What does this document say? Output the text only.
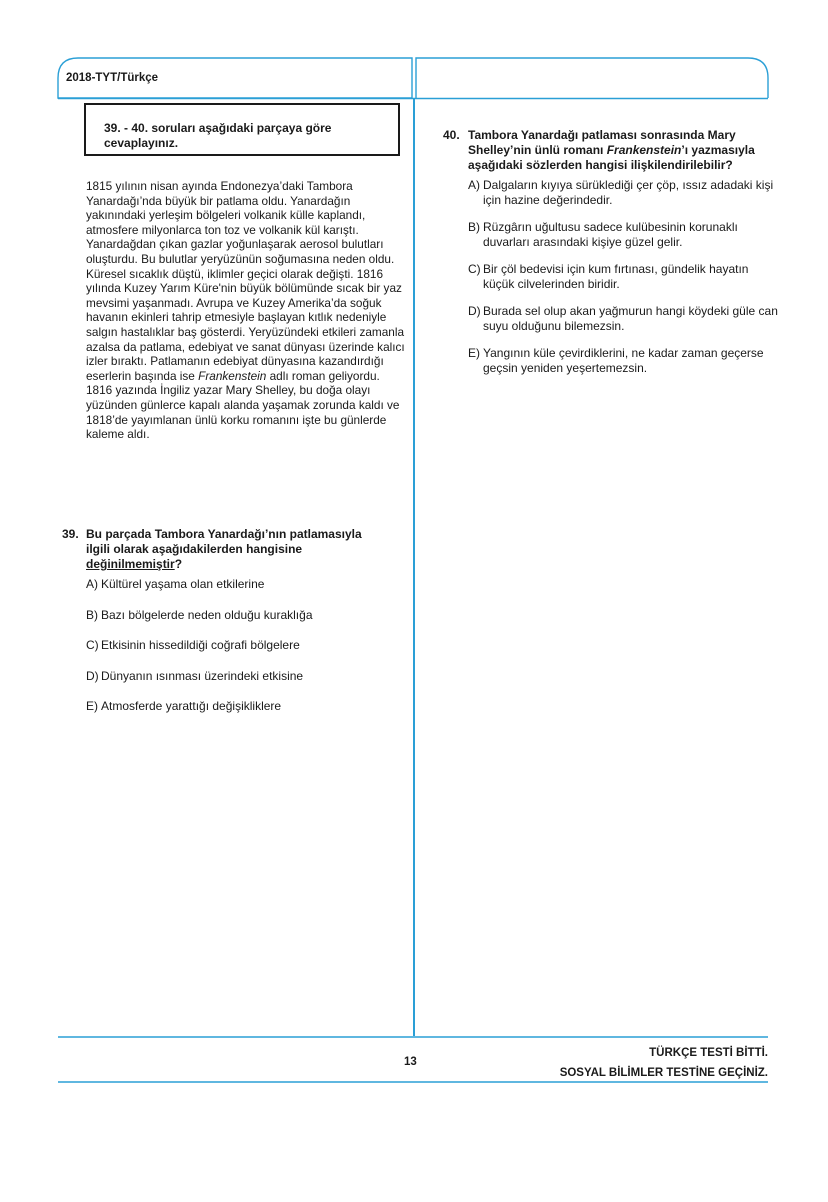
2018-TYT/Türkçe
39. - 40. soruları aşağıdaki parçaya göre cevaplayınız.

1815 yılının nisan ayında Endonezya’daki Tambora Yanardağı’nda büyük bir patlama oldu. Yanardağın yakınındaki yerleşim bölgeleri volkanik külle kaplandı, atmosfere milyonlarca ton toz ve volkanik kül karıştı. Yanardağdan çıkan gazlar yoğunlaşarak aerosol bulutları oluşturdu. Bu bulutlar yeryüzünün soğumasına neden oldu. Küresel sıcaklık düştü, iklimler geçici olarak değişti. 1816 yılında Kuzey Yarım Küre'nin büyük bölümünde sıcak bir yaz mevsimi yaşanmadı. Avrupa ve Kuzey Amerika’da soğuk havanın ekinleri tahrip etmesiyle başlayan kıtlık nedeniyle salgın hastalıklar baş gösterdi. Yeryüzündeki etkileri zamanla azalsa da patlama, edebiyat ve sanat dünyası üzerinde kalıcı izler bıraktı. Patlamanın edebiyat dünyasına kazandırdığı eserlerin başında ise Frankenstein adlı roman geliyordu. 1816 yazında İngiliz yazar Mary Shelley, bu doğa olayı yüzünden günlerce kapalı alanda yaşamak zorunda kaldı ve 1818’de yayımlanan ünlü korku romanını işte bu günlerde kaleme aldı.

39. Bu parçada Tambora Yanardağı’nın patlamasıyla ilgili olarak aşağıdakilerden hangisine değinilmemiştir?
A) Kültürel yaşama olan etkilerine
B) Bazı bölgelerde neden olduğu kuraklığa
C) Etkisinin hissedildiği coğrafi bölgelere
D) Dünyanın ısınması üzerindeki etkisine
E) Atmosferde yarattığı değişikliklere
40. Tambora Yanardağı patlaması sonrasında Mary Shelley’nin ünlü romanı Frankenstein’ı yazmasıyla aşağıdaki sözlerden hangisi ilişkilendirilebilir?
A) Dalgaların kıyıya sürüklediği çer çöp, ıssız adadaki kişi için hazine değerindedir.
B) Rüzgârın uğultusu sadece kulübesinin korunaklı duvarları arasındaki kişiye güzel gelir.
C) Bir çöl bedevisi için kum fırtınası, gündelik hayatın küçük cilvelerinden biridir.
D) Burada sel olup akan yağmurun hangi köydeki güle can suyu olduğunu bilemezsin.
E) Yangının küle çevirdiklerini, ne kadar zaman geçerse geçsin yeniden yeşertemezsin.
13
TÜRKÇE TESTİ BİTTİ.
SOSYAL BİLİMLER TESTİNE GEÇİNİZ.
